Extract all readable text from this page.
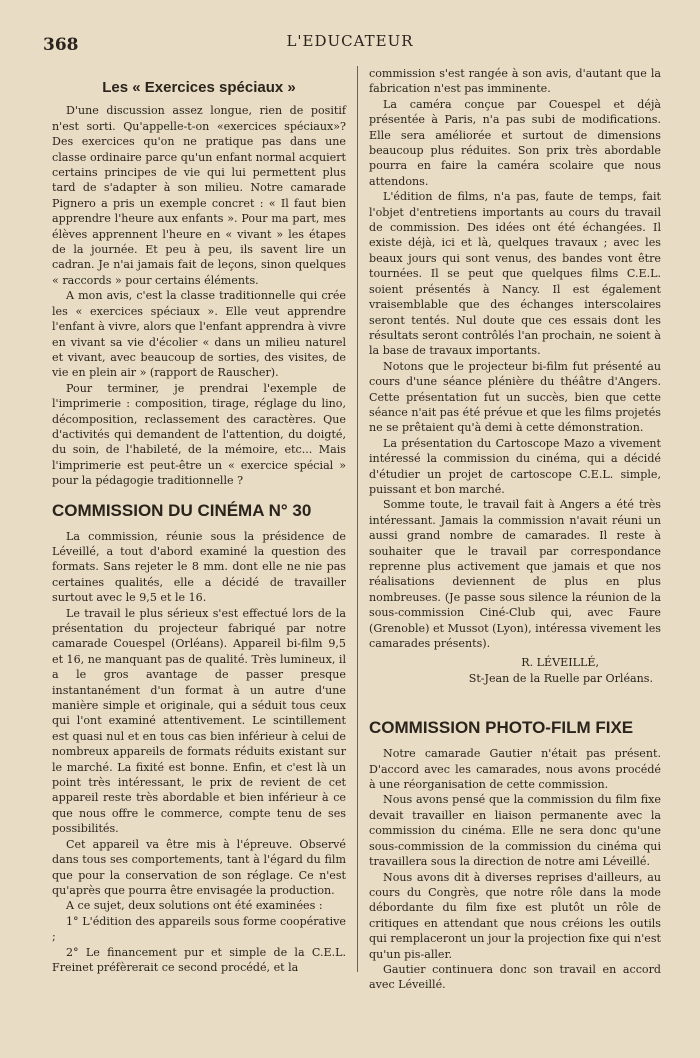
368	L'EDUCATEUR
Les « Exercices spéciaux »

D'une discussion assez longue, rien de positif n'est sorti. Qu'appelle-t-on «exercices spéciaux»? Des exercices qu'on ne pratique pas dans une classe ordinaire parce qu'un enfant normal acquiert certains principes de vie qui lui permettent plus tard de s'adapter à son milieu. Notre camarade Pignero a pris un exemple concret : « Il faut bien apprendre l'heure aux enfants ». Pour ma part, mes élèves apprennent l'heure en « vivant » les étapes de la journée. Et peu à peu, ils savent lire un cadran. Je n'ai jamais fait de leçons, sinon quelques « raccords » pour certains éléments.

A mon avis, c'est la classe traditionnelle qui crée les « exercices spéciaux ». Elle veut apprendre l'enfant à vivre, alors que l'enfant apprendra à vivre en vivant sa vie d'écolier « dans un milieu naturel et vivant, avec beaucoup de sorties, des visites, de vie en plein air » (rapport de Rauscher).

Pour terminer, je prendrai l'exemple de l'imprimerie : composition, tirage, réglage du lino, décomposition, reclassement des caractères. Que d'activités qui demandent de l'attention, du doigté, du soin, de l'habileté, de la mémoire, etc... Mais l'imprimerie est peut-être un « exercice spécial » pour la pédagogie traditionnelle ?

COMMISSION DU CINÉMA N° 30

La commission, réunie sous la présidence de Léveillé, a tout d'abord examiné la question des formats. Sans rejeter le 8 mm. dont elle ne nie pas certaines qualités, elle a décidé de travailler surtout avec le 9,5 et le 16.

Le travail le plus sérieux s'est effectué lors de la présentation du projecteur fabriqué par notre camarade Couespel (Orléans). Appareil bi-film 9,5 et 16, ne manquant pas de qualité. Très lumineux, il a le gros avantage de passer presque instantanément d'un format à un autre d'une manière simple et originale, qui a séduit tous ceux qui l'ont examiné attentivement. Le scintillement est quasi nul et en tous cas bien inférieur à celui de nombreux appareils de formats réduits existant sur le marché. La fixité est bonne. Enfin, et c'est là un point très intéressant, le prix de revient de cet appareil reste très abordable et bien inférieur à ce que nous offre le commerce, compte tenu de ses possibilités.

Cet appareil va être mis à l'épreuve. Observé dans tous ses comportements, tant à l'égard du film que pour la conservation de son réglage. Ce n'est qu'après que pourra être envisagée la production.

A ce sujet, deux solutions ont été examinées :

1° L'édition des appareils sous forme coopérative ;

2° Le financement pur et simple de la C.E.L. Freinet préfèrerait ce second procédé, et la

commission s'est rangée à son avis, d'autant que la fabrication n'est pas imminente.

La caméra conçue par Couespel et déjà présentée à Paris, n'a pas subi de modifications. Elle sera améliorée et surtout de dimensions beaucoup plus réduites. Son prix très abordable pourra en faire la caméra scolaire que nous attendons.

L'édition de films, n'a pas, faute de temps, fait l'objet d'entretiens importants au cours du travail de commission. Des idées ont été échangées. Il existe déjà, ici et là, quelques travaux ; avec les beaux jours qui sont venus, des bandes vont être tournées. Il se peut que quelques films C.E.L. soient présentés à Nancy. Il est également vraisemblable que des échanges interscolaires seront tentés. Nul doute que ces essais dont les résultats seront contrôlés l'an prochain, ne soient à la base de travaux importants.

Notons que le projecteur bi-film fut présenté au cours d'une séance plénière du théâtre d'Angers. Cette présentation fut un succès, bien que cette séance n'ait pas été prévue et que les films projetés ne se prêtaient qu'à demi à cette démonstration.

La présentation du Cartoscope Mazo a vivement intéressé la commission du cinéma, qui a décidé d'étudier un projet de cartoscope C.E.L. simple, puissant et bon marché.

Somme toute, le travail fait à Angers a été très intéressant. Jamais la commission n'avait réuni un aussi grand nombre de camarades. Il reste à souhaiter que le travail par correspondance reprenne plus activement que jamais et que nos réalisations deviennent de plus en plus nombreuses. (Je passe sous silence la réunion de la sous-commission Ciné-Club qui, avec Faure (Grenoble) et Mussot (Lyon), intéressa vivement les camarades présents).

R. LÉVEILLÉ,

St-Jean de la Ruelle par Orléans.

COMMISSION PHOTO-FILM FIXE

Notre camarade Gautier n'était pas présent. D'accord avec les camarades, nous avons procédé à une réorganisation de cette commission.

Nous avons pensé que la commission du film fixe devait travailler en liaison permanente avec la commission du cinéma. Elle ne sera donc qu'une sous-commission de la commission du cinéma qui travaillera sous la direction de notre ami Léveillé.

Nous avons dit à diverses reprises d'ailleurs, au cours du Congrès, que notre rôle dans la mode débordante du film fixe est plutôt un rôle de critiques en attendant que nous créions les outils qui remplaceront un jour la projection fixe qui n'est qu'un pis-aller.

Gautier continuera donc son travail en accord avec Léveillé.
